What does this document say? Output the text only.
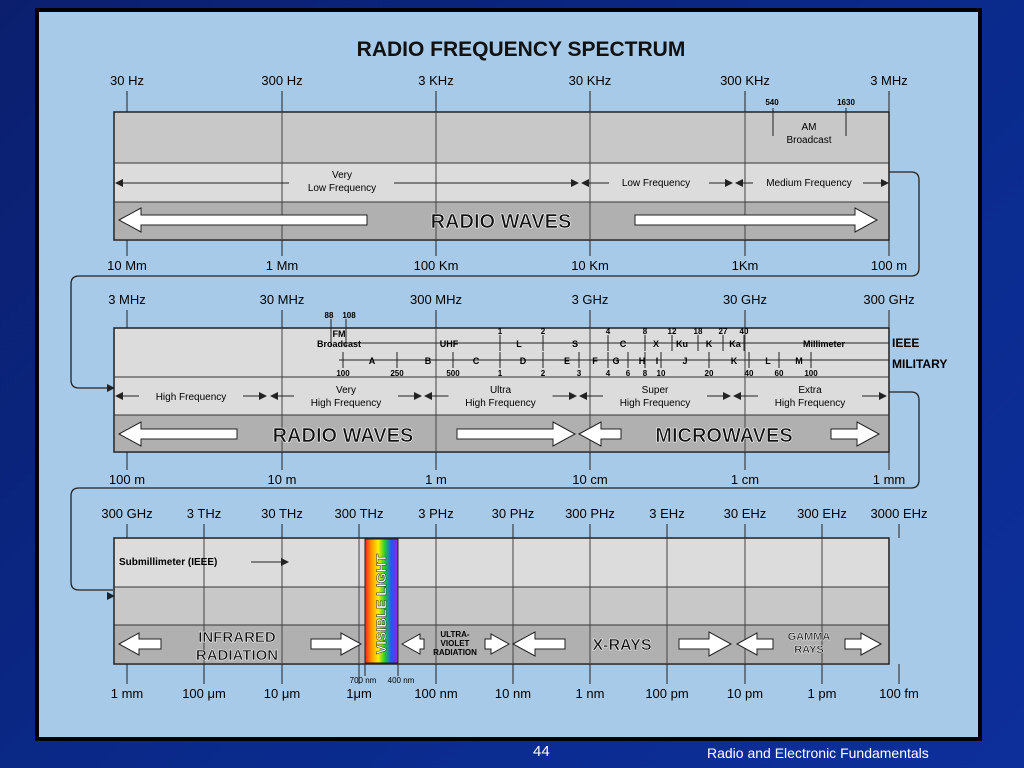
RADIO FREQUENCY SPECTRUM
30 Hz	300 Hz	3 KHz	30 KHz	300 KHz	3 MHz
540	1630
AM
Broadcast
Very
Low Frequency	Low Frequency	Medium Frequency
RADIO WAVES
10 Mm	1 Mm	100 Km	10 Km	1Km	100 m
3 MHz	30 MHz	300 MHz	3 GHz	30 GHz	300 GHz
88 108
FM
Broadcast	UHF	L	S	C	X Ku K Ka	Millimeter
1	2	4	8	12 18 27 40
A	B	C	D	E F G H I	J	K	L	M
100	250	500	1	2	3	4 6 8 10	20	40	60	100
IEEE
MILITARY
High Frequency
Very
High Frequency
Ultra
High Frequency
Super
High Frequency
Extra
High Frequency
RADIO WAVES	MICROWAVES
100 m	10 m	1 m	10 cm	1 cm	1 mm
300 GHz	3 THz	30 THz 300 THz	3 PHz	30 PHz 300 PHz	3 EHz	30 EHz 300 EHz 3000 EHz
Submillimeter (IEEE)	VISIBLE LIGHT
700 nm 400 nm
INFRARED
RADIATION
ULTRA-
VIOLET
RADIATION	X-RAYS	GAMMA
RAYS
1 mm	100 μm	10 μm	1μm	100 nm	10 nm	1 nm	100 pm	10 pm	1 pm	100 fm
44	Radio and Electronic Fundamentals
